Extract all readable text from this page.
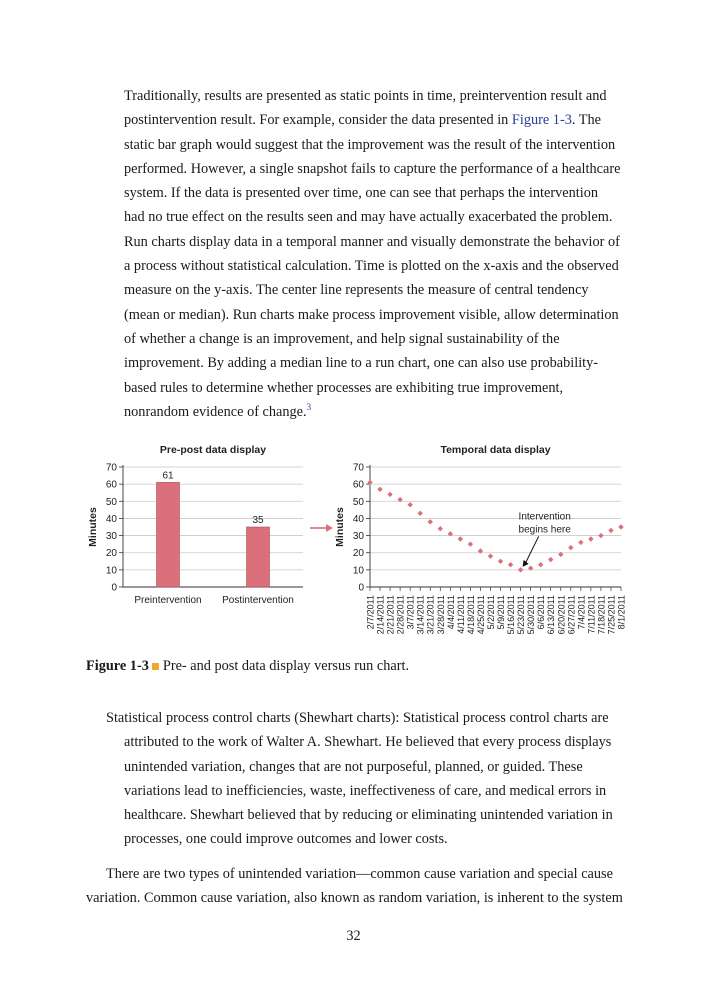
Traditionally, results are presented as static points in time, preintervention result and
postintervention result. For example, consider the data presented in Figure 1-3. The
static bar graph would suggest that the improvement was the result of the intervention
performed. However, a single snapshot fails to capture the performance of a healthcare
system. If the data is presented over time, one can see that perhaps the intervention
had no true effect on the results seen and may have actually exacerbated the problem.
Run charts display data in a temporal manner and visually demonstrate the behavior of
a process without statistical calculation. Time is plotted on the x-axis and the observed
measure on the y-axis. The center line represents the measure of central tendency
(mean or median). Run charts make process improvement visible, allow determination
of whether a change is an improvement, and help signal sustainability of the
improvement. By adding a median line to a run chart, one can also use probability-
based rules to determine whether processes are exhibiting true improvement,
nonrandom evidence of change.$^3$
0
10
20
30
40
50
60
70
Pre-post data display
Minutes
61
Preintervention
35
Postintervention
0
10
20
30
40
50
60
70
Temporal data display
Minutes
2/7/2011 2/14/2011 2/21/2011 2/28/2011 3/7/2011 3/14/2011 3/21/2011 3/28/2011 4/4/2011 4/11/2011 4/18/2011 4/25/2011 5/2/2011 5/9/2011 5/16/2011 5/23/2011 5/30/2011 6/6/2011 6/13/2011 6/20/2011 6/27/2011 7/4/2011 7/11/2011 7/18/2011 7/25/2011 8/1/2011
Intervention
begins here
Figure 1-3 Pre- and post data display versus run chart.
Statistical process control charts (Shewhart charts): Statistical process control charts are
attributed to the work of Walter A. Shewhart. He believed that every process displays
unintended variation, changes that are not purposeful, planned, or guided. These
variations lead to inefficiencies, waste, ineffectiveness of care, and medical errors in
healthcare. Shewhart believed that by reducing or eliminating unintended variation in
processes, one could improve outcomes and lower costs.
There are two types of unintended variation—common cause variation and special cause
variation. Common cause variation, also known as random variation, is inherent to the system
32
